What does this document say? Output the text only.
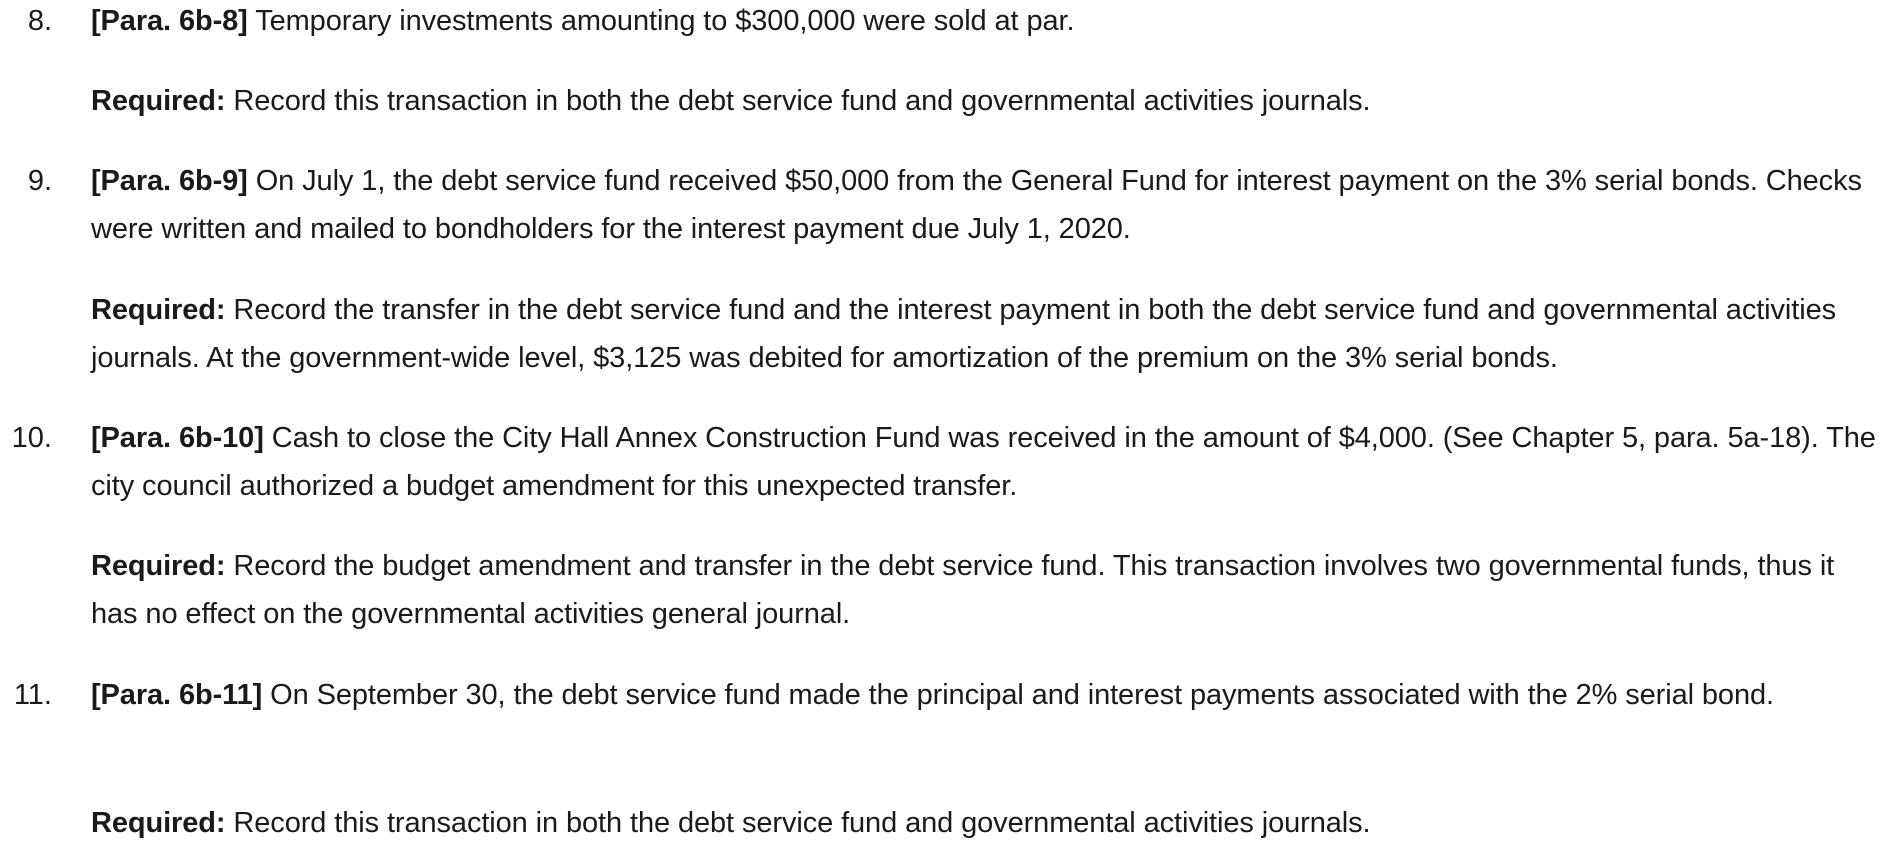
8. [Para. 6b-8] Temporary investments amounting to $300,000 were sold at par.
Required: Record this transaction in both the debt service fund and governmental activities journals.
9. [Para. 6b-9] On July 1, the debt service fund received $50,000 from the General Fund for interest payment on the 3% serial bonds. Checks were written and mailed to bondholders for the interest payment due July 1, 2020.
Required: Record the transfer in the debt service fund and the interest payment in both the debt service fund and governmental activities journals. At the government-wide level, $3,125 was debited for amortization of the premium on the 3% serial bonds.
10. [Para. 6b-10] Cash to close the City Hall Annex Construction Fund was received in the amount of $4,000. (See Chapter 5, para. 5a-18). The city council authorized a budget amendment for this unexpected transfer.
Required: Record the budget amendment and transfer in the debt service fund. This transaction involves two governmental funds, thus it has no effect on the governmental activities general journal.
11. [Para. 6b-11] On September 30, the debt service fund made the principal and interest payments associated with the 2% serial bond.
Required: Record this transaction in both the debt service fund and governmental activities journals.
